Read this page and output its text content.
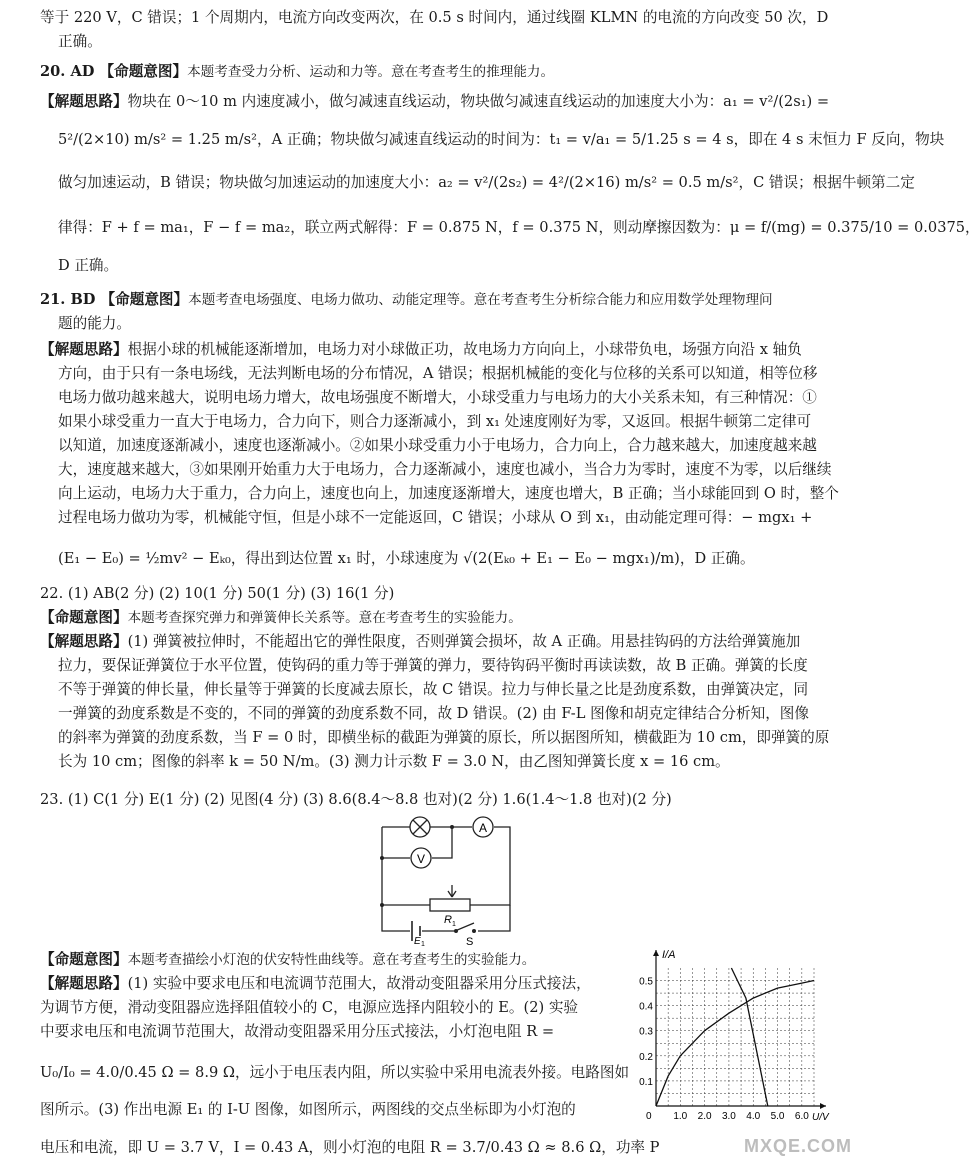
等于 220 V，C 错误；1 个周期内，电流方向改变两次，在 0.5 s 时间内，通过线圈 KLMN 的电流的方向改变 50 次，D
正确。
20. AD 【命题意图】本题考查受力分析、运动和力等。意在考查考生的推理能力。
【解题思路】物块在 0～10 m 内速度减小，做匀减速直线运动，物块做匀减速直线运动的加速度大小为：a₁ = v²/(2s₁) =
5²/(2×10) m/s² = 1.25 m/s²，A 正确；物块做匀减速直线运动的时间为：t₁ = v/a₁ = 5/1.25 s = 4 s，即在 4 s 末恒力 F 反向，物块
做匀加速运动，B 错误；物块做匀加速运动的加速度大小：a₂ = v²/(2s₂) = 4²/(2×16) m/s² = 0.5 m/s²，C 错误；根据牛顿第二定
律得：F + f = ma₁，F − f = ma₂，联立两式解得：F = 0.875 N，f = 0.375 N，则动摩擦因数为：μ = f/(mg) = 0.375/10 = 0.0375，
D 正确。
21. BD 【命题意图】本题考查电场强度、电场力做功、动能定理等。意在考查考生分析综合能力和应用数学处理物理问
题的能力。
【解题思路】根据小球的机械能逐渐增加，电场力对小球做正功，故电场力方向向上，小球带负电，场强方向沿 x 轴负
方向，由于只有一条电场线，无法判断电场的分布情况，A 错误；根据机械能的变化与位移的关系可以知道，相等位移
电场力做功越来越大，说明电场力增大，故电场强度不断增大，小球受重力与电场力的大小关系未知，有三种情况：①
如果小球受重力一直大于电场力，合力向下，则合力逐渐减小，到 x₁ 处速度刚好为零，又返回。根据牛顿第二定律可
以知道，加速度逐渐减小，速度也逐渐减小。②如果小球受重力小于电场力，合力向上，合力越来越大，加速度越来越
大，速度越来越大，③如果刚开始重力大于电场力，合力逐渐减小，速度也减小，当合力为零时，速度不为零，以后继续
向上运动，电场力大于重力，合力向上，速度也向上，加速度逐渐增大，速度也增大，B 正确；当小球能回到 O 时，整个
过程电场力做功为零，机械能守恒，但是小球不一定能返回，C 错误；小球从 O 到 x₁，由动能定理可得：− mgx₁ +
(E₁ − E₀) = ½mv² − Eₖ₀，得出到达位置 x₁ 时，小球速度为 √(2(Eₖ₀ + E₁ − E₀ − mgx₁)/m)，D 正确。
22. (1) AB(2 分) (2) 10(1 分) 50(1 分) (3) 16(1 分)
【命题意图】本题考查探究弹力和弹簧伸长关系等。意在考查考生的实验能力。
【解题思路】(1) 弹簧被拉伸时，不能超出它的弹性限度，否则弹簧会损坏，故 A 正确。用悬挂钩码的方法给弹簧施加
拉力，要保证弹簧位于水平位置，使钩码的重力等于弹簧的弹力，要待钩码平衡时再读读数，故 B 正确。弹簧的长度
不等于弹簧的伸长量，伸长量等于弹簧的长度减去原长，故 C 错误。拉力与伸长量之比是劲度系数，由弹簧决定，同
一弹簧的劲度系数是不变的，不同的弹簧的劲度系数不同，故 D 错误。(2) 由 F-L 图像和胡克定律结合分析知，图像
的斜率为弹簧的劲度系数，当 F = 0 时，即横坐标的截距为弹簧的原长，所以据图所知，横截距为 10 cm，即弹簧的原
长为 10 cm；图像的斜率 k = 50 N/m。(3) 测力计示数 F = 3.0 N，由乙图知弹簧长度 x = 16 cm。
23. (1) C(1 分) E(1 分) (2) 见图(4 分) (3) 8.6(8.4～8.8 也对)(2 分) 1.6(1.4～1.8 也对)(2 分)
【命题意图】本题考查描绘小灯泡的伏安特性曲线等。意在考查考生的实验能力。
【解题思路】(1) 实验中要求电压和电流调节范围大，故滑动变阻器采用分压式接法，
为调节方便，滑动变阻器应选择阻值较小的 C，电源应选择内阻较小的 E。(2) 实验
中要求电压和电流调节范围大，故滑动变阻器采用分压式接法，小灯泡电阻 R =
U₀/I₀ = 4.0/0.45 Ω = 8.9 Ω，远小于电压表内阻，所以实验中采用电流表外接。电路图如
图所示。(3) 作出电源 E₁ 的 I-U 图像，如图所示，两图线的交点坐标即为小灯泡的
电压和电流，即 U = 3.7 V，I = 0.43 A，则小灯泡的电阻 R = 3.7/0.43 Ω ≈ 8.6 Ω，功率 P
A
V
R 1
S
E 1
I/A
U/V
0 1.0 2.0 3.0 4.0 5.0 6.0
0.1
0.2
0.3
0.4
0.5
MXQE.COM
